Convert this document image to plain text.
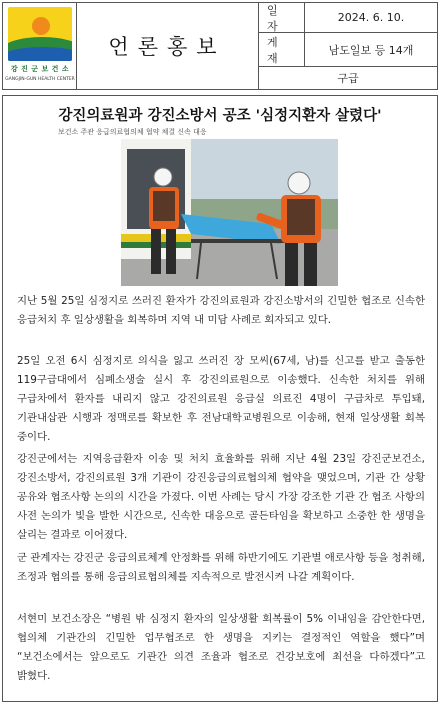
강 진 군 보 건 소
GANGJIN-GUN HEALTH CENTER
언론홍보
일자
2024. 6. 10.
게재
남도일보 등 14개
구급
강진의료원과 강진소방서 공조 '심정지환자 살렸다'
보건소 주관 응급의료협의체 협약 체결 신속 대응
지난 5월 25일 심정지로 쓰러진 환자가 강진의료원과 강진소방서의 긴밀한 협조로 신속한 응급처치 후 일상생활을 회복하며 지역 내 미담 사례로 회자되고 있다.
25일 오전 6시 심정지로 의식을 잃고 쓰러진 장 모씨(67세, 남)를 신고를 받고 출동한 119구급대에서 심폐소생술 실시 후 강진의료원으로 이송했다. 신속한 처치를 위해 구급차에서 환자를 내리지 않고 강진의료원 응급실 의료진 4명이 구급차로 투입돼, 기관내삽관 시행과 정맥로를 확보한 후 전남대학교병원으로 이송해, 현재 일상생활 회복 중이다.
강진군에서는 지역응급환자 이송 및 처치 효율화를 위해 지난 4월 23일 강진군보건소, 강진소방서, 강진의료원 3개 기관이 강진응급의료협의체 협약을 맺었으며, 기관 간 상황 공유와 협조사항 논의의 시간을 가졌다. 이번 사례는 당시 가장 강조한 기관 간 협조 사항의 사전 논의가 빛을 발한 시간으로, 신속한 대응으로 골든타임을 확보하고 소중한 한 생명을 살리는 결과로 이어졌다.
군 관계자는 강진군 응급의료체계 안정화를 위해 하반기에도 기관별 애로사항 등을 청취해, 조정과 협의를 통해 응급의료협의체를 지속적으로 발전시켜 나갈 계획이다.
서현미 보건소장은 “병원 밖 심정지 환자의 일상생활 회복률이 5% 이내임을 감안한다면, 협의체 기관간의 긴밀한 업무협조로 한 생명을 지키는 결정적인 역할을 했다”며 “보건소에서는 앞으로도 기관간 의견 조율과 협조로 건강보호에 최선을 다하겠다”고 밝혔다.
